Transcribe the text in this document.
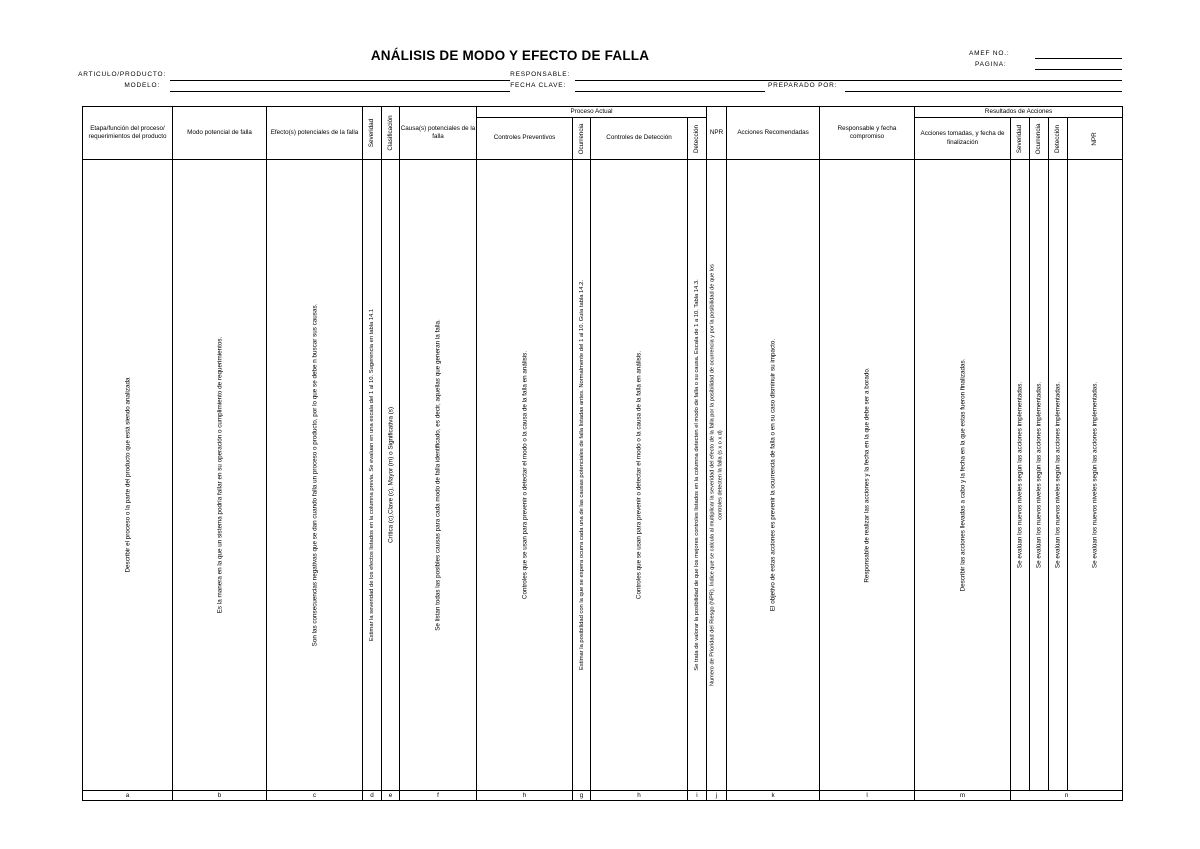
ANÁLISIS DE MODO Y EFECTO DE FALLA	AMEF NO.:
PAGINA:
ARTICULO/PRODUCTO:
MODELO:
RESPONSABLE:
FECHA CLAVE:	PREPARADO POR:
Etapa/función del proceso/ requerimientos del producto	Modo potencial de falla	Efecto(s) potenciales de la falla	Severidad	Clasificación	Causa(s) potenciales de la falla	Proceso Actual				NPR	Acciones Recomendadas	Responsable y fecha compromiso	Resultados de Acciones				
						Controles Preventivos	Ocurrencia	Controles de Detección	Detección				Acciones tomadas, y fecha de finalización	Severidad	Ocurrencia	Detección	NPR

Describir el proceso o la parte del producto que está siendo analizada	Es la manera en la que un sistema podría fallar en su operación o cumplimiento de requerimientos.	Son las consecuencias negativas que se dan cuando falla un proceso o producto, por lo que se debe n buscar sus causas.	Estimar la severidad de los efectos listados en la columna previa. Se evaluan en una escala del 1 al 10. Sugerencia en tabla 14.1	Crítica (c),Clave (c), Mayor (m) o Significativa (s)	Se listan todas las posibles causas para cada modo de falla identificado, es decir, aquellas que generan la falla.	Controles que se usan para prevenir o detectar el modo o la causa de la falla en análisis.	Estimar la posibilidad con la que se espera ocurra cada una de las causas potenciales de falla listadas antes. Normalmente del 1 al 10. Guía tabla 14.2.	Controles que se usan para prevenir o detectar el modo o la causa de la falla en análisis.	Se trata de valorar la posibilidad de que los mejores controles listados en la columna detecten el modo de falla o su causa. Escala de 1 a 10. Tabla 14.3.	Numero de Prioridad del Riesgo (NPR). Índice que se calcula al multiplicar la severidad del efecto de la falla por la posibilidad de ocurrencia y por la posibilidad de que los controles detecten la falla (s x o x d)	El objetivo de estas acciones es prevenir la ocurrencia de falla o en su caso disminuir su impacto.	Responsable de realizar las acciones y la fecha en la que debe ser a borado.	Describir las acciones llevadas a cabo y la fecha en la que estas fueron finalizadas.	Se evalúan los nuevos niveles según las acciones implementadas.	Se evalúan los nuevos niveles según las acciones implementadas.	Se evalúan los nuevos niveles según las acciones implementadas.	Se evalúan los nuevos niveles según las acciones implementadas.

a	b	c	d	e	f	h	g	h	i	j	k	l	m	n			
